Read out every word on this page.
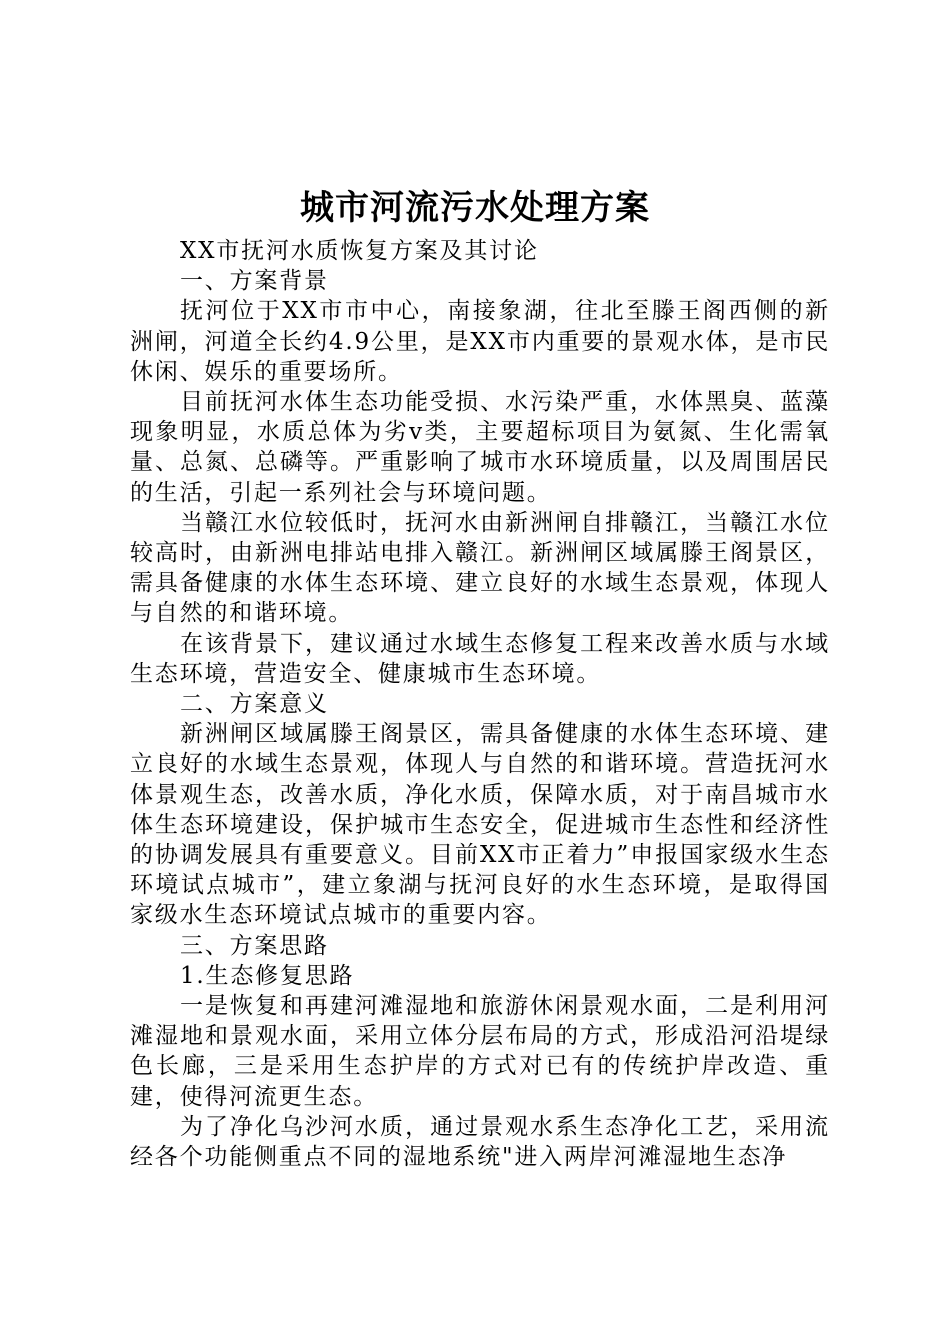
城市河流污水处理方案

XX市抚河水质恢复方案及其讨论

一、方案背景

抚河位于XX市市中心，南接象湖，往北至滕王阁西侧的新洲闸，河道全长约4.9公里，是XX市内重要的景观水体，是市民休闲、娱乐的重要场所。

目前抚河水体生态功能受损、水污染严重，水体黑臭、蓝藻现象明显，水质总体为劣v类，主要超标项目为氨氮、生化需氧量、总氮、总磷等。严重影响了城市水环境质量，以及周围居民的生活，引起一系列社会与环境问题。

当赣江水位较低时，抚河水由新洲闸自排赣江，当赣江水位较高时，由新洲电排站电排入赣江。新洲闸区域属滕王阁景区，需具备健康的水体生态环境、建立良好的水域生态景观，体现人与自然的和谐环境。

在该背景下，建议通过水域生态修复工程来改善水质与水域生态环境，营造安全、健康城市生态环境。

二、方案意义

新洲闸区域属滕王阁景区，需具备健康的水体生态环境、建立良好的水域生态景观，体现人与自然的和谐环境。营造抚河水体景观生态，改善水质，净化水质，保障水质，对于南昌城市水体生态环境建设，保护城市生态安全，促进城市生态性和经济性的协调发展具有重要意义。目前XX市正着力”申报国家级水生态环境试点城市”，建立象湖与抚河良好的水生态环境，是取得国家级水生态环境试点城市的重要内容。

三、方案思路

1.生态修复思路

一是恢复和再建河滩湿地和旅游休闲景观水面，二是利用河滩湿地和景观水面，采用立体分层布局的方式，形成沿河沿堤绿色长廊，三是采用生态护岸的方式对已有的传统护岸改造、重建，使得河流更生态。

为了净化乌沙河水质，通过景观水系生态净化工艺，采用流经各个功能侧重点不同的湿地系统"进入两岸河滩湿地生态净
